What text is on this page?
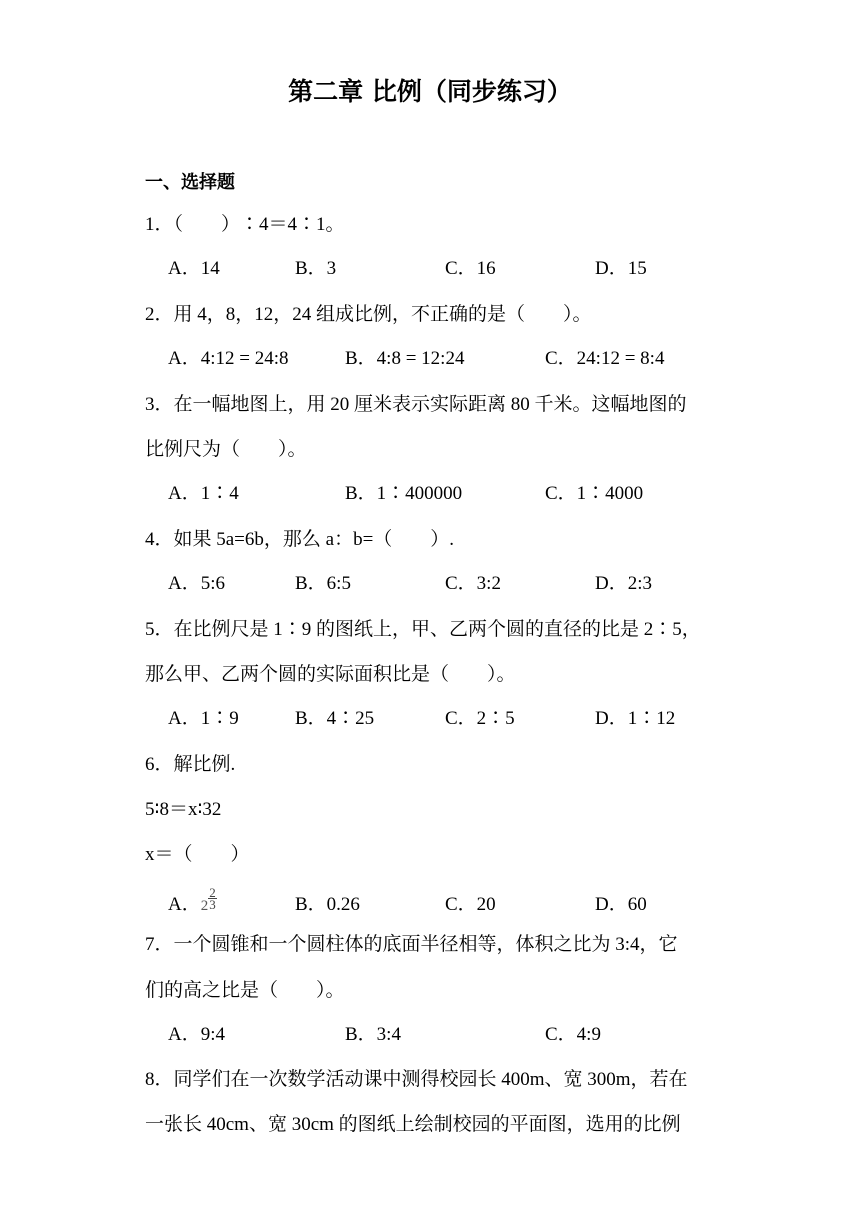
第二章 比例（同步练习）
一、选择题
1．（　　）∶4＝4∶1。
A．14	B．3	C．16	D．15
2．用 4，8，12，24 组成比例，不正确的是（　　）。
A．4:12 = 24:8	B．4:8 = 12:24	C．24:12 = 8:4
3．在一幅地图上，用 20 厘米表示实际距离 80 千米。这幅地图的
比例尺为（　　）。
A．1∶4	B．1∶400000	C．1∶4000
4．如果 5a=6b，那么 a：b=（　　）.
A．5:6	B．6:5	C．3:2	D．2:3
5．在比例尺是 1∶9 的图纸上，甲、乙两个圆的直径的比是 2∶5，
那么甲、乙两个圆的实际面积比是（　　）。
A．1∶9	B．4∶25	C．2∶5	D．1∶12
6．解比例.
5∶8＝x∶32
x＝（　　）
A．$2 \frac{2}{3}$	B．0.26	C．20	D．60
7．一个圆锥和一个圆柱体的底面半径相等，体积之比为 3:4，它
们的高之比是（　　）。
A．9:4	B．3:4	C．4:9
8．同学们在一次数学活动课中测得校园长 400m、宽 300m，若在
一张长 40cm、宽 30cm 的图纸上绘制校园的平面图，选用的比例
